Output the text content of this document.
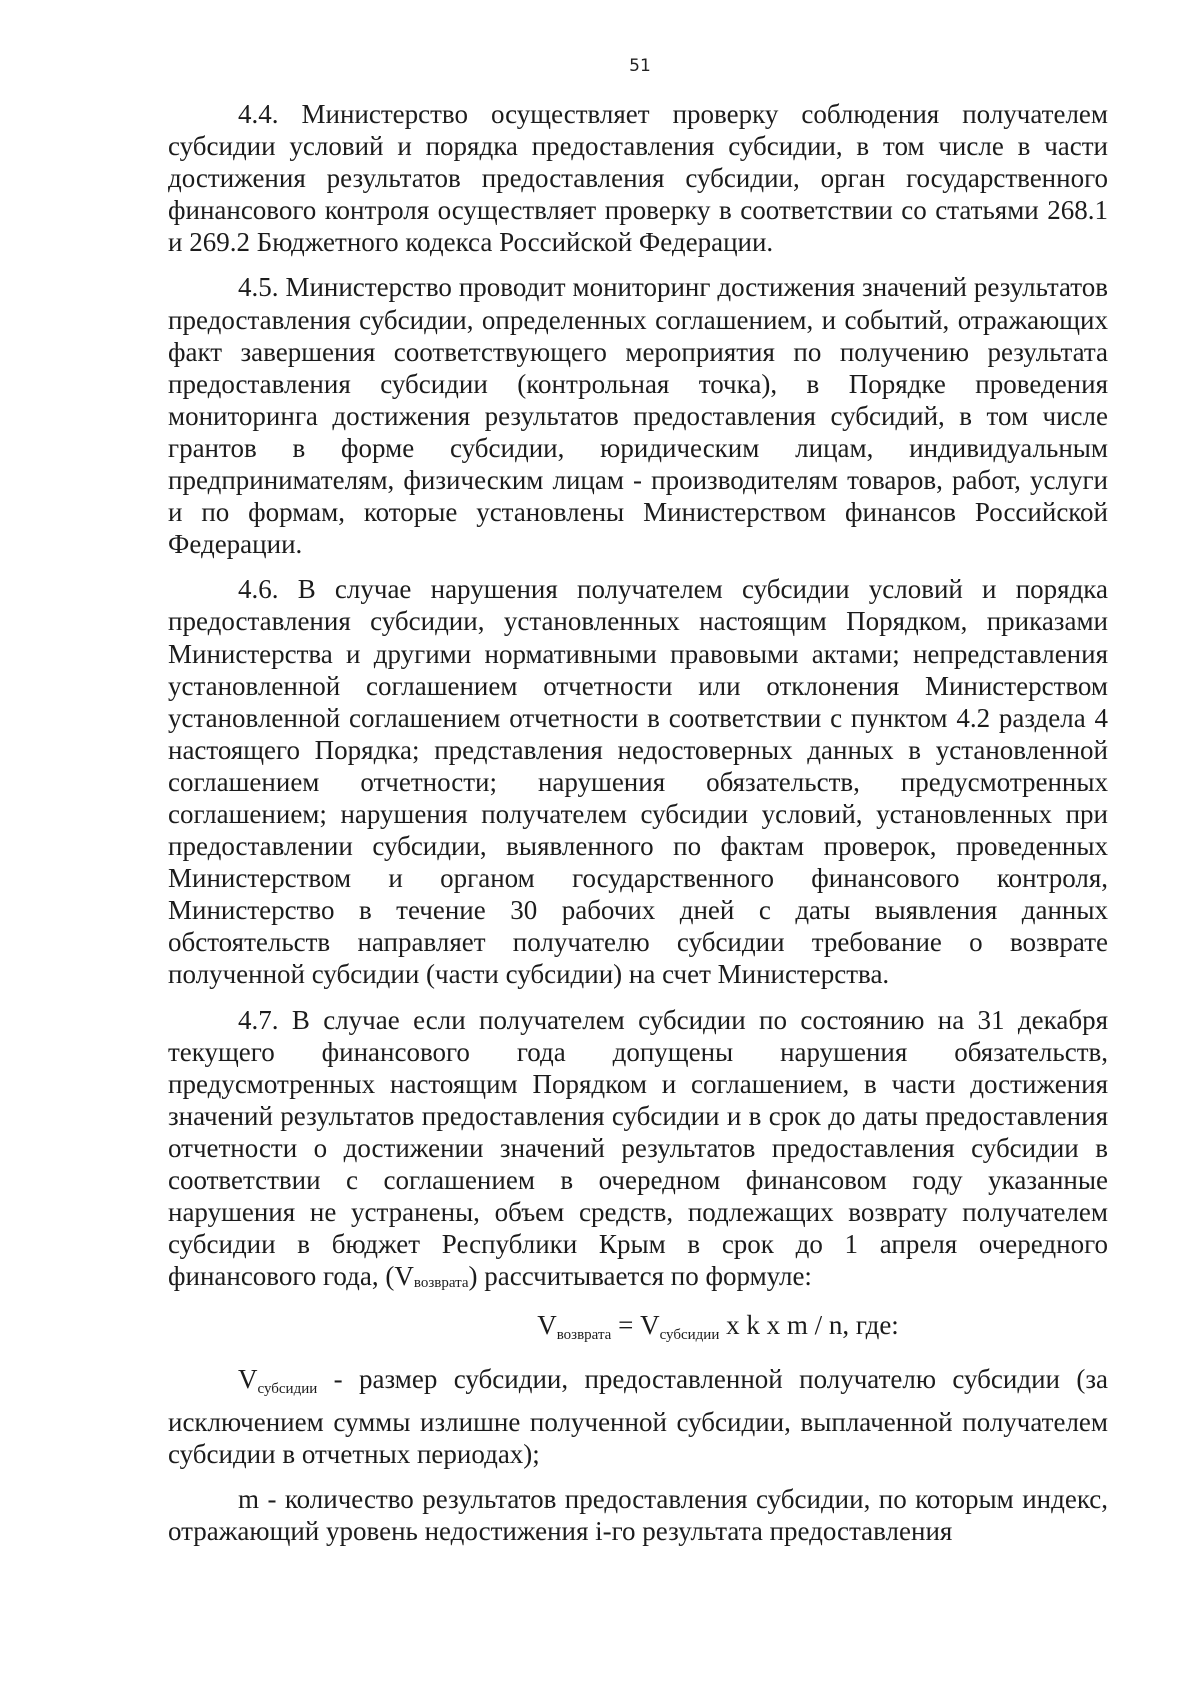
51

4.4. Министерство осуществляет проверку соблюдения получателем субсидии условий и порядка предоставления субсидии, в том числе в части достижения результатов предоставления субсидии, орган государственного финансового контроля осуществляет проверку в соответствии со статьями 268.1 и 269.2 Бюджетного кодекса Российской Федерации.

4.5. Министерство проводит мониторинг достижения значений результатов предоставления субсидии, определенных соглашением, и событий, отражающих факт завершения соответствующего мероприятия по получению результата предоставления субсидии (контрольная точка), в Порядке проведения мониторинга достижения результатов предоставления субсидий, в том числе грантов в форме субсидии, юридическим лицам, индивидуальным предпринимателям, физическим лицам - производителям товаров, работ, услуги и по формам, которые установлены Министерством финансов Российской Федерации.

4.6. В случае нарушения получателем субсидии условий и порядка предоставления субсидии, установленных настоящим Порядком, приказами Министерства и другими нормативными правовыми актами; непредставления установленной соглашением отчетности или отклонения Министерством установленной соглашением отчетности в соответствии с пунктом 4.2 раздела 4 настоящего Порядка; представления недостоверных данных в установленной соглашением отчетности; нарушения обязательств, предусмотренных соглашением; нарушения получателем субсидии условий, установленных при предоставлении субсидии, выявленного по фактам проверок, проведенных Министерством и органом государственного финансового контроля, Министерство в течение 30 рабочих дней с даты выявления данных обстоятельств направляет получателю субсидии требование о возврате полученной субсидии (части субсидии) на счет Министерства.

4.7. В случае если получателем субсидии по состоянию на 31 декабря текущего финансового года допущены нарушения обязательств, предусмотренных настоящим Порядком и соглашением, в части достижения значений результатов предоставления субсидии и в срок до даты предоставления отчетности о достижении значений результатов предоставления субсидии в соответствии с соглашением в очередном финансовом году указанные нарушения не устранены, объем средств, подлежащих возврату получателем субсидии в бюджет Республики Крым в срок до 1 апреля очередного финансового года, (Vвозврата) рассчитывается по формуле:

$V_{возврата} = V_{субсидии}$ x k x m / n, где:

$V_{субсидии}$ - размер субсидии, предоставленной получателю субсидии (за исключением суммы излишне полученной субсидии, выплаченной получателем субсидии в отчетных периодах);

m - количество результатов предоставления субсидии, по которым индекс, отражающий уровень недостижения i-го результата предоставления
